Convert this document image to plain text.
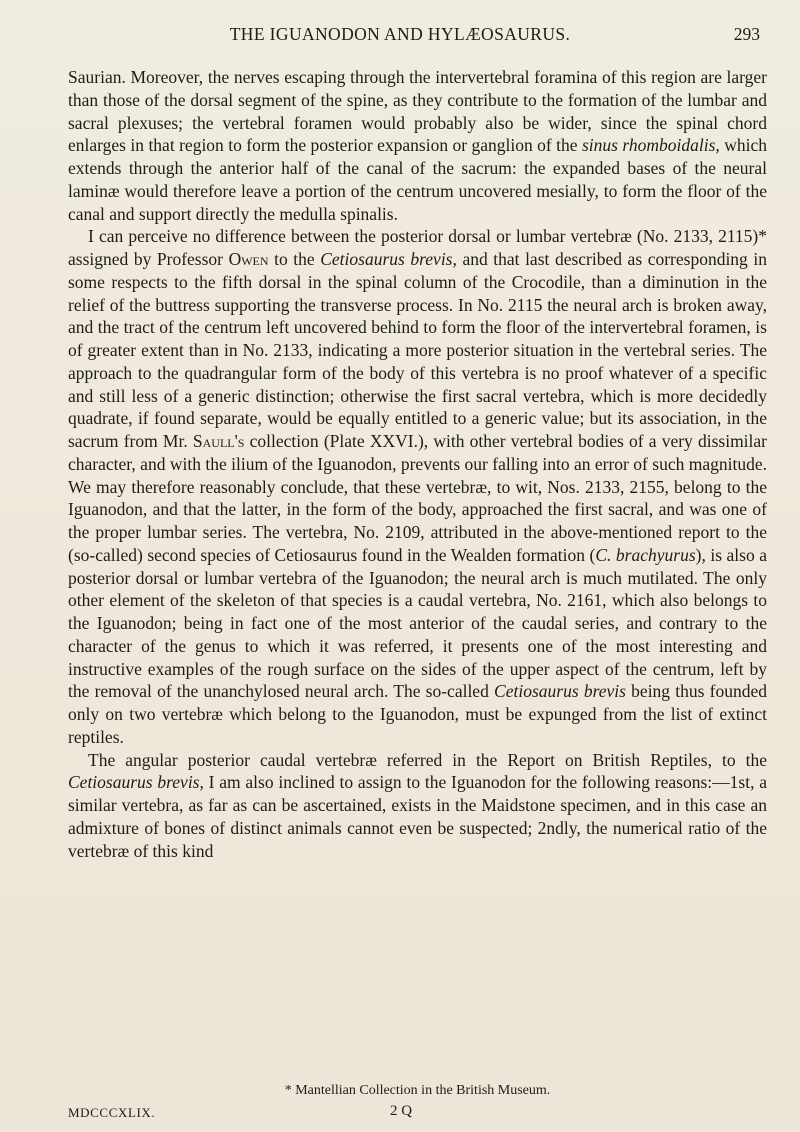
THE IGUANODON AND HYLÆOSAURUS.	293

Saurian. Moreover, the nerves escaping through the intervertebral foramina of this region are larger than those of the dorsal segment of the spine, as they contribute to the formation of the lumbar and sacral plexuses; the vertebral foramen would probably also be wider, since the spinal chord enlarges in that region to form the posterior expansion or ganglion of the sinus rhomboidalis, which extends through the anterior half of the canal of the sacrum: the expanded bases of the neural laminæ would therefore leave a portion of the centrum uncovered mesially, to form the floor of the canal and support directly the medulla spinalis.

I can perceive no difference between the posterior dorsal or lumbar vertebræ (No. 2133, 2115)* assigned by Professor Owen to the Cetiosaurus brevis, and that last described as corresponding in some respects to the fifth dorsal in the spinal column of the Crocodile, than a diminution in the relief of the buttress supporting the transverse process. In No. 2115 the neural arch is broken away, and the tract of the centrum left uncovered behind to form the floor of the intervertebral foramen, is of greater extent than in No. 2133, indicating a more posterior situation in the vertebral series. The approach to the quadrangular form of the body of this vertebra is no proof whatever of a specific and still less of a generic distinction; otherwise the first sacral vertebra, which is more decidedly quadrate, if found separate, would be equally entitled to a generic value; but its association, in the sacrum from Mr. Saull's collection (Plate XXVI.), with other vertebral bodies of a very dissimilar character, and with the ilium of the Iguanodon, prevents our falling into an error of such magnitude. We may therefore reasonably conclude, that these vertebræ, to wit, Nos. 2133, 2155, belong to the Iguanodon, and that the latter, in the form of the body, approached the first sacral, and was one of the proper lumbar series. The vertebra, No. 2109, attributed in the above-mentioned report to the (so-called) second species of Cetiosaurus found in the Wealden formation (C. brachyurus), is also a posterior dorsal or lumbar vertebra of the Iguanodon; the neural arch is much mutilated. The only other element of the skeleton of that species is a caudal vertebra, No. 2161, which also belongs to the Iguanodon; being in fact one of the most anterior of the caudal series, and contrary to the character of the genus to which it was referred, it presents one of the most interesting and instructive examples of the rough surface on the sides of the upper aspect of the centrum, left by the removal of the unanchylosed neural arch. The so-called Cetiosaurus brevis being thus founded only on two vertebræ which belong to the Iguanodon, must be expunged from the list of extinct reptiles.

The angular posterior caudal vertebræ referred in the Report on British Reptiles, to the Cetiosaurus brevis, I am also inclined to assign to the Iguanodon for the following reasons:—1st, a similar vertebra, as far as can be ascertained, exists in the Maidstone specimen, and in this case an admixture of bones of distinct animals cannot even be suspected; 2ndly, the numerical ratio of the vertebræ of this kind

* Mantellian Collection in the British Museum.
MDCCCXLIX.	2 Q
